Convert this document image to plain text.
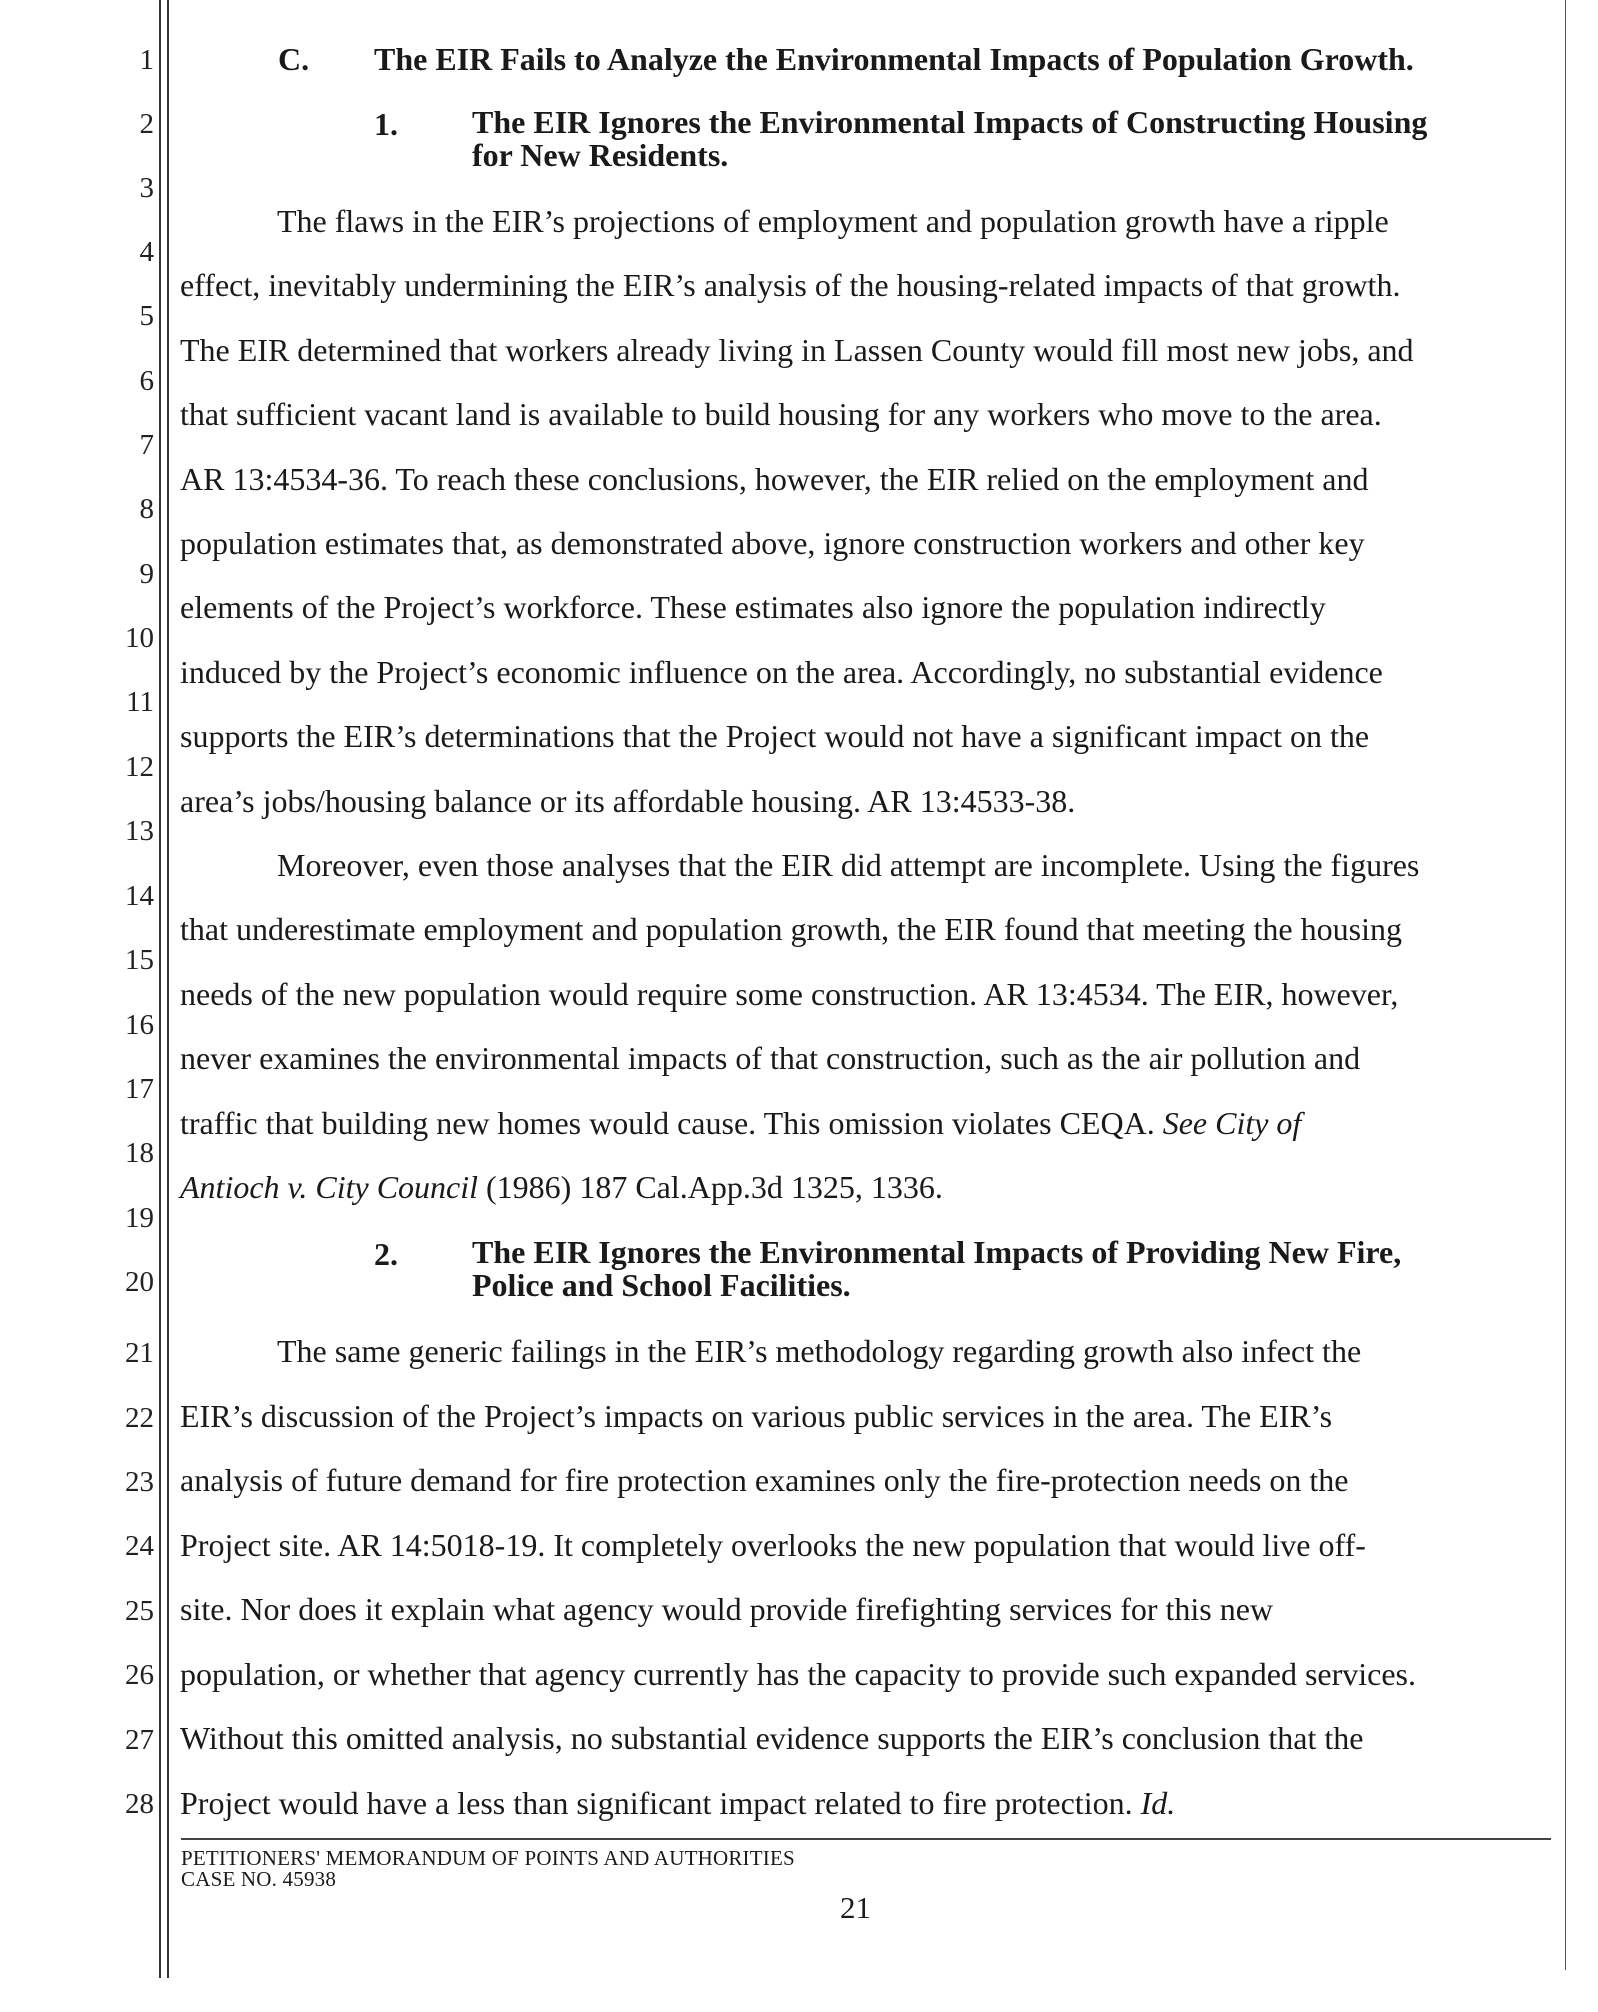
1
2
3
4
5
6
7
8
9
10
11
12
13
14
15
16
17
18
19
20
21
22
23
24
25
26
27
28
C. The EIR Fails to Analyze the Environmental Impacts of Population Growth.
1. The EIR Ignores the Environmental Impacts of Constructing Housing
for New Residents.
The flaws in the EIR’s projections of employment and population growth have a ripple
effect, inevitably undermining the EIR’s analysis of the housing-related impacts of that growth.
The EIR determined that workers already living in Lassen County would fill most new jobs, and
that sufficient vacant land is available to build housing for any workers who move to the area.
AR 13:4534-36. To reach these conclusions, however, the EIR relied on the employment and
population estimates that, as demonstrated above, ignore construction workers and other key
elements of the Project’s workforce. These estimates also ignore the population indirectly
induced by the Project’s economic influence on the area. Accordingly, no substantial evidence
supports the EIR’s determinations that the Project would not have a significant impact on the
area’s jobs/housing balance or its affordable housing. AR 13:4533-38.
Moreover, even those analyses that the EIR did attempt are incomplete. Using the figures
that underestimate employment and population growth, the EIR found that meeting the housing
needs of the new population would require some construction. AR 13:4534. The EIR, however,
never examines the environmental impacts of that construction, such as the air pollution and
traffic that building new homes would cause. This omission violates CEQA. See City of
Antioch v. City Council (1986) 187 Cal.App.3d 1325, 1336.
2. The EIR Ignores the Environmental Impacts of Providing New Fire,
Police and School Facilities.
The same generic failings in the EIR’s methodology regarding growth also infect the
EIR’s discussion of the Project’s impacts on various public services in the area. The EIR’s
analysis of future demand for fire protection examines only the fire-protection needs on the
Project site. AR 14:5018-19. It completely overlooks the new population that would live off-
site. Nor does it explain what agency would provide firefighting services for this new
population, or whether that agency currently has the capacity to provide such expanded services.
Without this omitted analysis, no substantial evidence supports the EIR’s conclusion that the
Project would have a less than significant impact related to fire protection. Id.
PETITIONERS' MEMORANDUM OF POINTS AND AUTHORITIES
CASE NO. 45938
21
